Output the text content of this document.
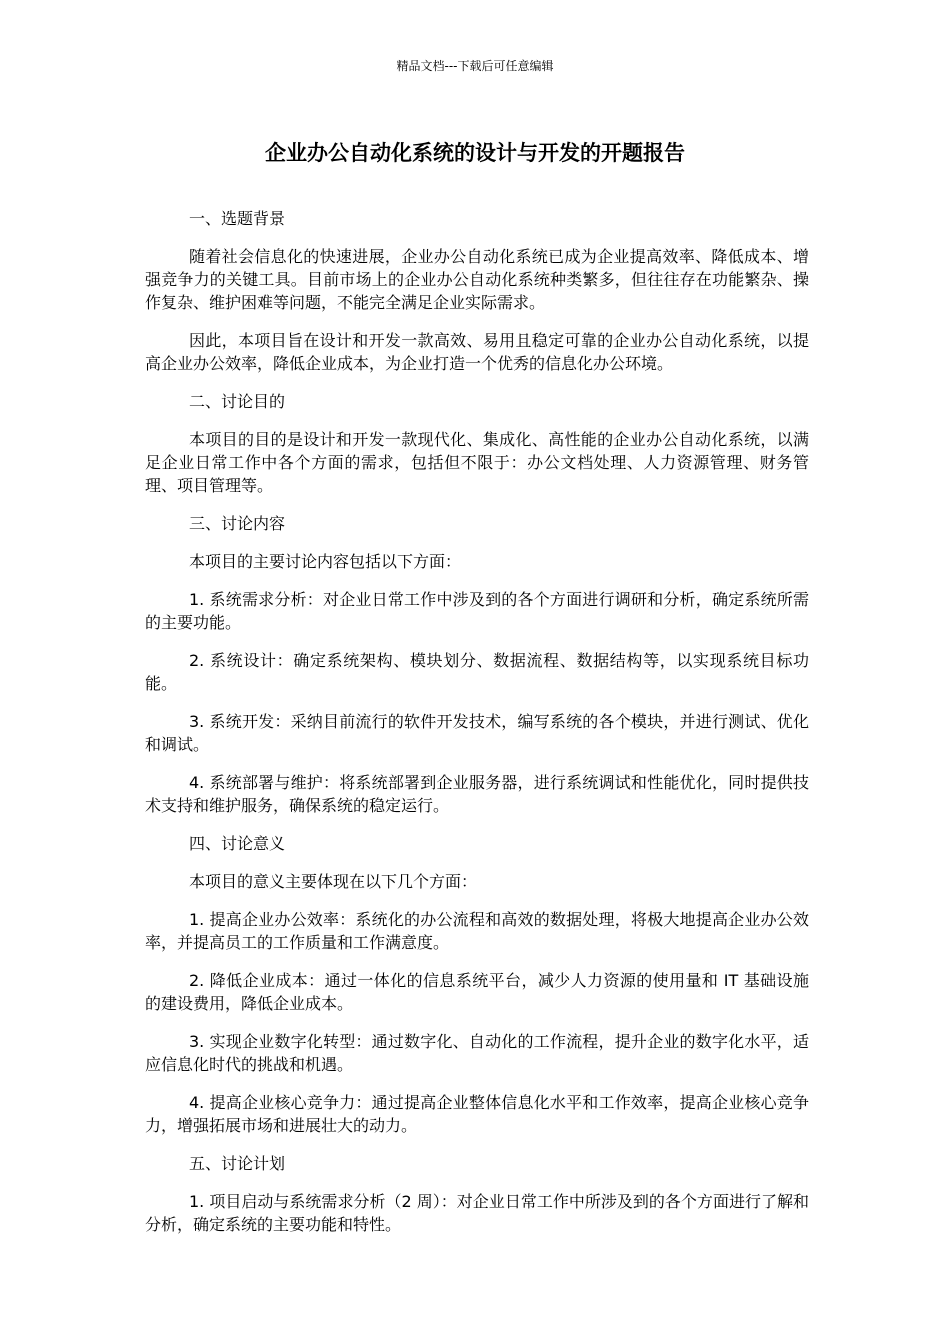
精品文档---下载后可任意编辑
企业办公自动化系统的设计与开发的开题报告

一、选题背景

随着社会信息化的快速进展，企业办公自动化系统已成为企业提高效率、降低成本、增强竞争力的关键工具。目前市场上的企业办公自动化系统种类繁多，但往往存在功能繁杂、操作复杂、维护困难等问题，不能完全满足企业实际需求。

因此，本项目旨在设计和开发一款高效、易用且稳定可靠的企业办公自动化系统，以提高企业办公效率，降低企业成本，为企业打造一个优秀的信息化办公环境。

二、讨论目的

本项目的目的是设计和开发一款现代化、集成化、高性能的企业办公自动化系统，以满足企业日常工作中各个方面的需求，包括但不限于：办公文档处理、人力资源管理、财务管理、项目管理等。

三、讨论内容

本项目的主要讨论内容包括以下方面：

1. 系统需求分析：对企业日常工作中涉及到的各个方面进行调研和分析，确定系统所需的主要功能。

2. 系统设计：确定系统架构、模块划分、数据流程、数据结构等，以实现系统目标功能。

3. 系统开发：采纳目前流行的软件开发技术，编写系统的各个模块，并进行测试、优化和调试。

4. 系统部署与维护：将系统部署到企业服务器，进行系统调试和性能优化，同时提供技术支持和维护服务，确保系统的稳定运行。

四、讨论意义

本项目的意义主要体现在以下几个方面：

1. 提高企业办公效率：系统化的办公流程和高效的数据处理，将极大地提高企业办公效率，并提高员工的工作质量和工作满意度。

2. 降低企业成本：通过一体化的信息系统平台，减少人力资源的使用量和 IT 基础设施的建设费用，降低企业成本。

3. 实现企业数字化转型：通过数字化、自动化的工作流程，提升企业的数字化水平，适应信息化时代的挑战和机遇。

4. 提高企业核心竞争力：通过提高企业整体信息化水平和工作效率，提高企业核心竞争力，增强拓展市场和进展壮大的动力。

五、讨论计划

1. 项目启动与系统需求分析（2 周）：对企业日常工作中所涉及到的各个方面进行了解和分析，确定系统的主要功能和特性。
